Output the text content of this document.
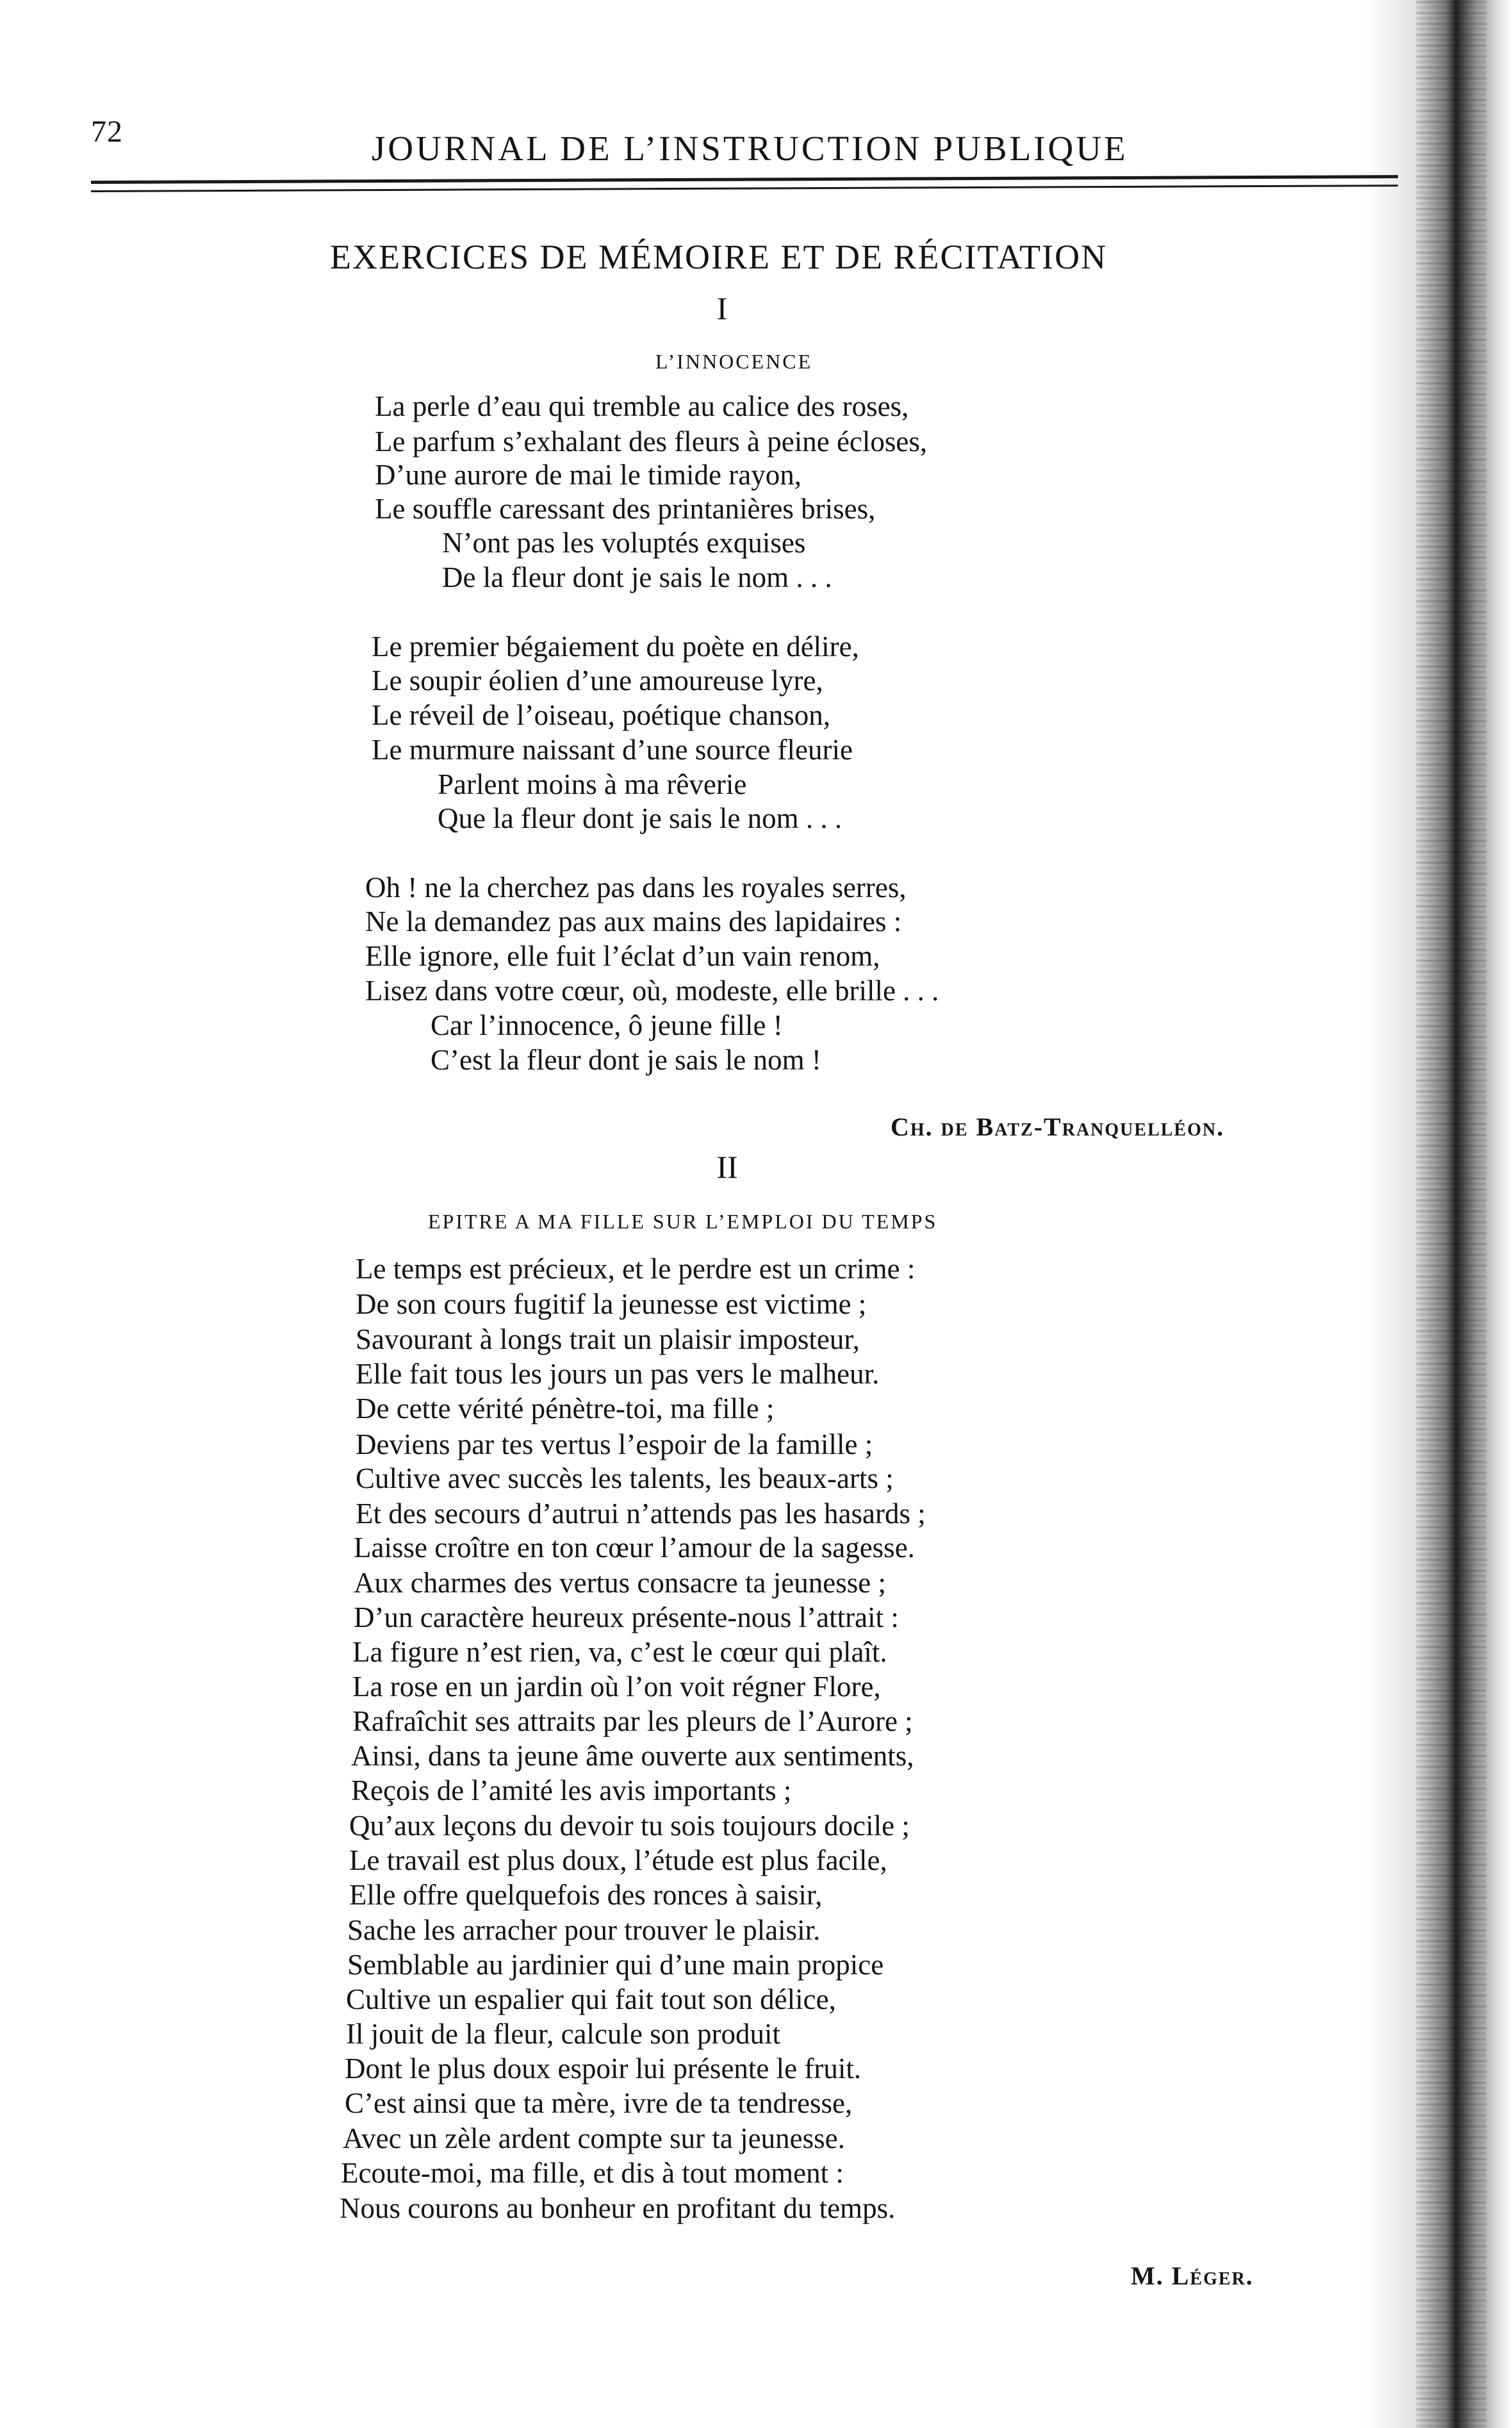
72	JOURNAL DE L’INSTRUCTION PUBLIQUE
EXERCICES DE MÉMOIRE ET DE RÉCITATION
I
L’INNOCENCE
La perle d’eau qui tremble au calice des roses,
Le parfum s’exhalant des fleurs à peine écloses,
D’une aurore de mai le timide rayon,
Le souffle caressant des printanières brises,
N’ont pas les voluptés exquises
De la fleur dont je sais le nom . . .
Le premier bégaiement du poète en délire,
Le soupir éolien d’une amoureuse lyre,
Le réveil de l’oiseau, poétique chanson,
Le murmure naissant d’une source fleurie
Parlent moins à ma rêverie
Que la fleur dont je sais le nom . . .
Oh ! ne la cherchez pas dans les royales serres,
Ne la demandez pas aux mains des lapidaires :
Elle ignore, elle fuit l’éclat d’un vain renom,
Lisez dans votre cœur, où, modeste, elle brille . . .
Car l’innocence, ô jeune fille !
C’est la fleur dont je sais le nom !
Ch. de Batz-Tranquelléon.
II
EPITRE A MA FILLE SUR L’EMPLOI DU TEMPS
Le temps est précieux, et le perdre est un crime :
De son cours fugitif la jeunesse est victime ;
Savourant à longs trait un plaisir imposteur,
Elle fait tous les jours un pas vers le malheur.
De cette vérité pénètre-toi, ma fille ;
Deviens par tes vertus l’espoir de la famille ;
Cultive avec succès les talents, les beaux-arts ;
Et des secours d’autrui n’attends pas les hasards ;
Laisse croître en ton cœur l’amour de la sagesse.
Aux charmes des vertus consacre ta jeunesse ;
D’un caractère heureux présente-nous l’attrait :
La figure n’est rien, va, c’est le cœur qui plaît.
La rose en un jardin où l’on voit régner Flore,
Rafraîchit ses attraits par les pleurs de l’Aurore ;
Ainsi, dans ta jeune âme ouverte aux sentiments,
Reçois de l’amité les avis importants ;
Qu’aux leçons du devoir tu sois toujours docile ;
Le travail est plus doux, l’étude est plus facile,
Elle offre quelquefois des ronces à saisir,
Sache les arracher pour trouver le plaisir.
Semblable au jardinier qui d’une main propice
Cultive un espalier qui fait tout son délice,
Il jouit de la fleur, calcule son produit
Dont le plus doux espoir lui présente le fruit.
C’est ainsi que ta mère, ivre de ta tendresse,
Avec un zèle ardent compte sur ta jeunesse.
Ecoute-moi, ma fille, et dis à tout moment :
Nous courons au bonheur en profitant du temps.
M. Léger.
